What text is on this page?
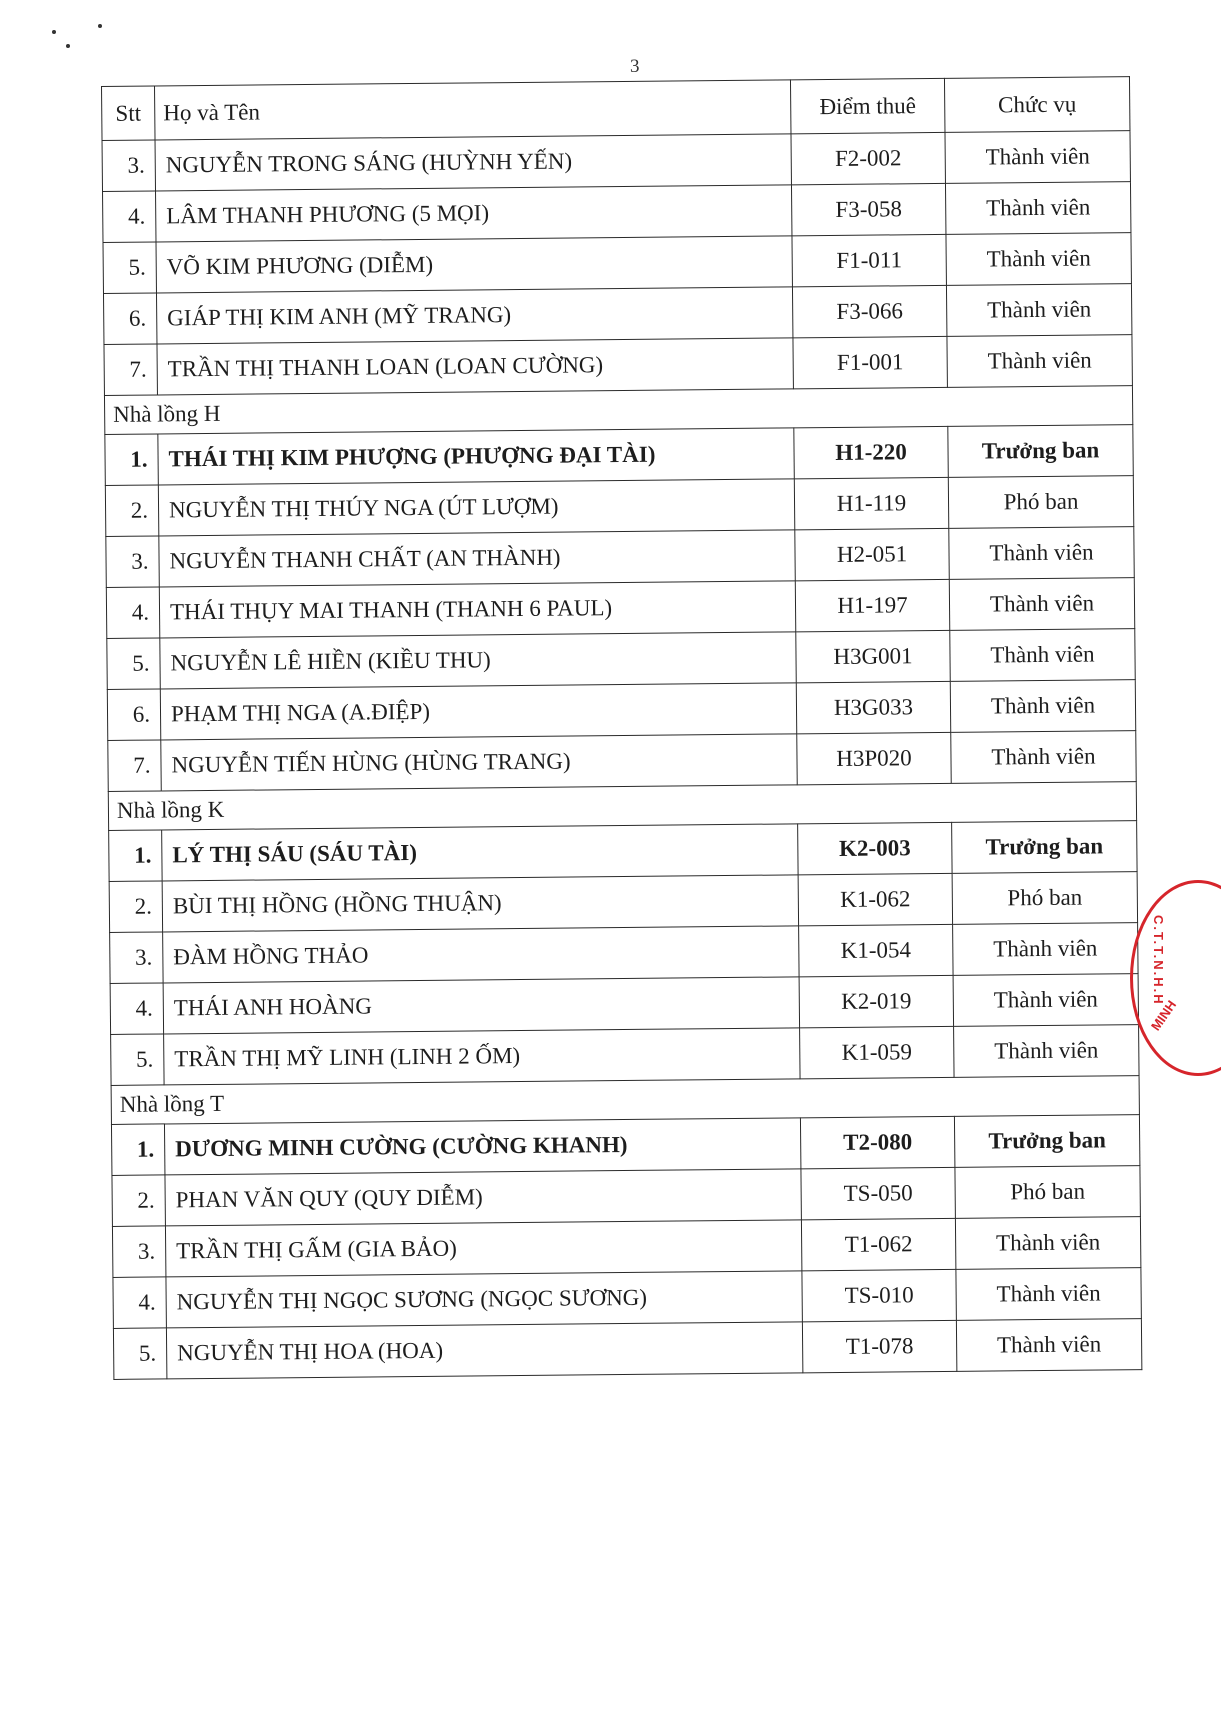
3
Stt	Họ và Tên	Điểm thuê	Chức vụ
3.	NGUYỄN TRONG SÁNG (HUỲNH YẾN)	F2-002	Thành viên
4.	LÂM THANH PHƯƠNG (5 MỌI)	F3-058	Thành viên
5.	VÕ KIM PHƯƠNG (DIỄM)	F1-011	Thành viên
6.	GIÁP THỊ KIM ANH (MỸ TRANG)	F3-066	Thành viên
7.	TRẦN THỊ THANH LOAN (LOAN CƯỜNG)	F1-001	Thành viên
Nhà lồng H			
1.	THÁI THỊ KIM PHƯỢNG (PHƯỢNG ĐẠI TÀI)	H1-220	Trưởng ban
2.	NGUYỄN THỊ THÚY NGA (ÚT LƯỢM)	H1-119	Phó ban
3.	NGUYỄN THANH CHẤT (AN THÀNH)	H2-051	Thành viên
4.	THÁI THỤY MAI THANH (THANH 6 PAUL)	H1-197	Thành viên
5.	NGUYỄN LÊ HIỀN (KIỀU THU)	H3G001	Thành viên
6.	PHẠM THỊ NGA (A.ĐIỆP)	H3G033	Thành viên
7.	NGUYỄN TIẾN HÙNG (HÙNG TRANG)	H3P020	Thành viên
Nhà lồng K			
1.	LÝ THỊ SÁU (SÁU TÀI)	K2-003	Trưởng ban
2.	BÙI THỊ HỒNG (HỒNG THUẬN)	K1-062	Phó ban
3.	ĐÀM HỒNG THẢO	K1-054	Thành viên
4.	THÁI ANH HOÀNG	K2-019	Thành viên
5.	TRẦN THỊ MỸ LINH (LINH 2 ỐM)	K1-059	Thành viên
Nhà lồng T			
1.	DƯƠNG MINH CƯỜNG (CƯỜNG KHANH)	T2-080	Trưởng ban
2.	PHAN VĂN QUY (QUY DIỄM)	TS-050	Phó ban
3.	TRẦN THỊ GẤM (GIA BẢO)	T1-062	Thành viên
4.	NGUYỄN THỊ NGỌC SƯƠNG (NGỌC SƯƠNG)	TS-010	Thành viên
5.	NGUYỄN THỊ HOA (HOA)	T1-078	Thành viên
C.T.T.N.H.H
MINH
